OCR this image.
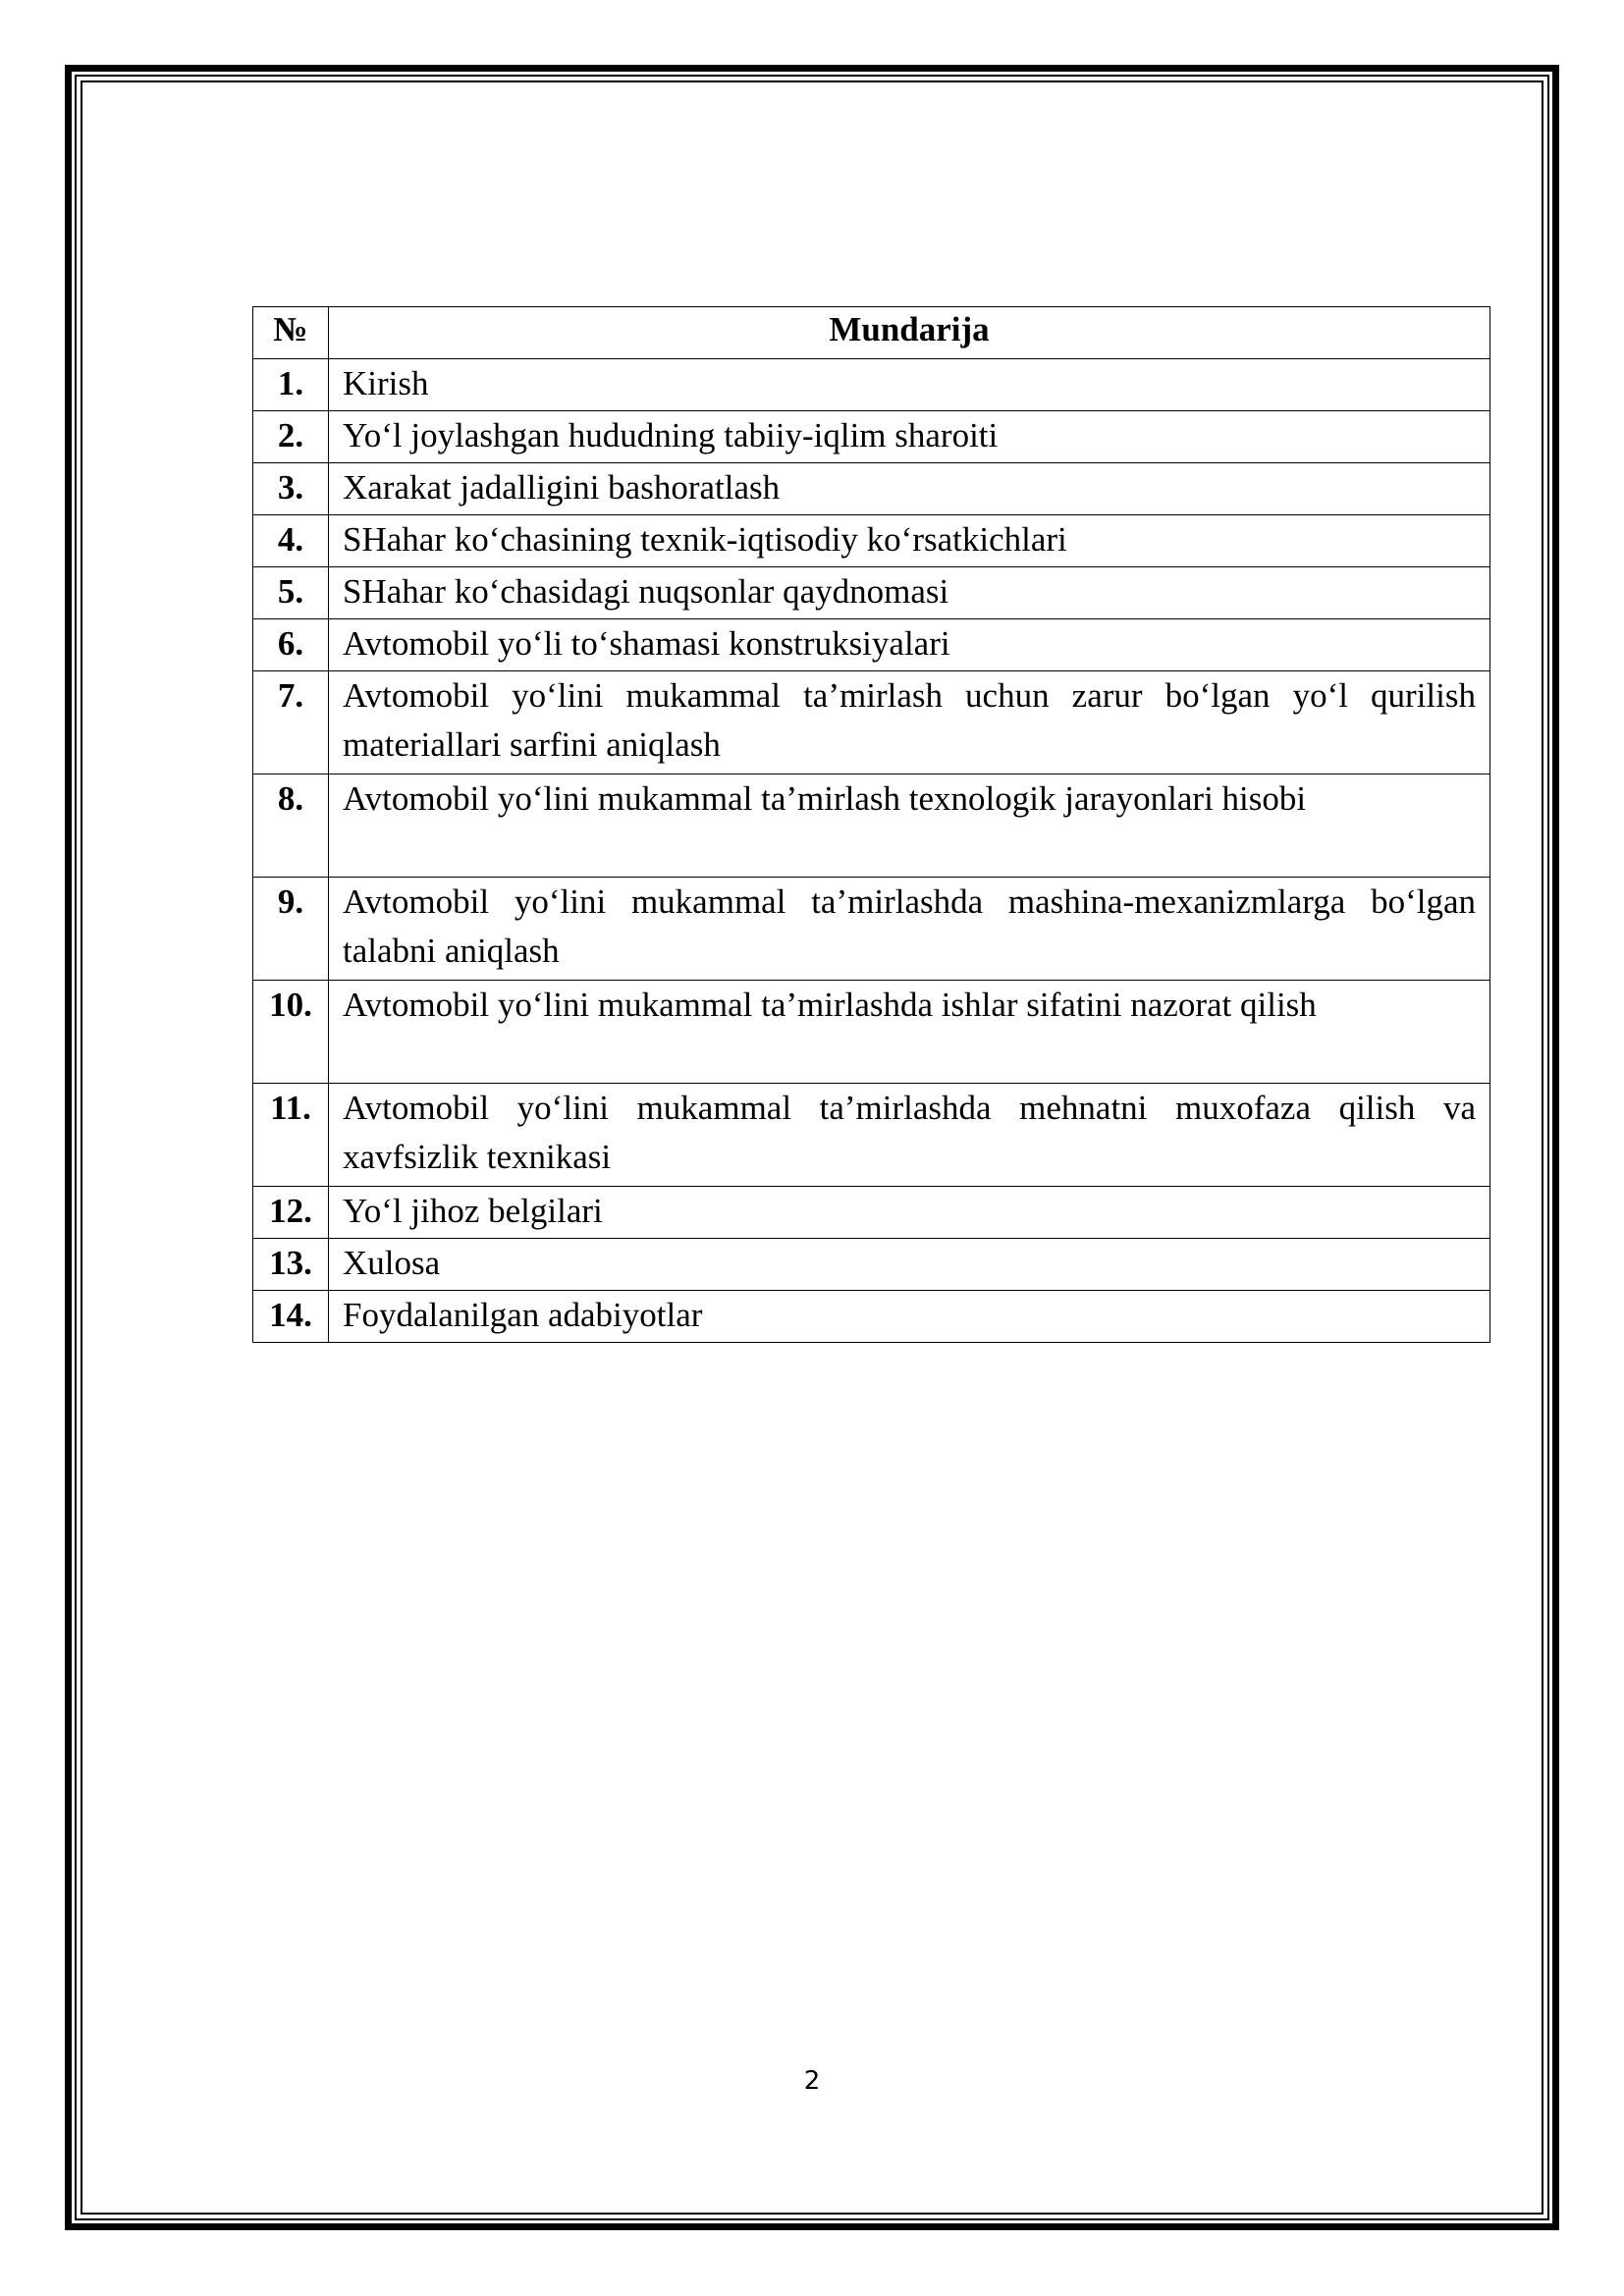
№	Mundarija
1.	Kirish
2.	Yo‘l joylashgan hududning tabiiy-iqlim sharoiti
3.	Xarakat jadalligini bashoratlash
4.	SHahar ko‘chasining texnik-iqtisodiy ko‘rsatkichlari
5.	SHahar ko‘chasidagi nuqsonlar qaydnomasi
6.	Avtomobil yo‘li to‘shamasi konstruksiyalari
7.	Avtomobil yo‘lini mukammal ta’mirlash uchun zarur bo‘lgan yo‘l qurilish materiallari sarfini aniqlash
8.	Avtomobil yo‘lini mukammal ta’mirlash texnologik jarayonlari hisobi
9.	Avtomobil yo‘lini mukammal ta’mirlashda mashina-mexanizmlarga bo‘lgan talabni aniqlash
10.	Avtomobil yo‘lini mukammal ta’mirlashda ishlar sifatini nazorat qilish
11.	Avtomobil yo‘lini mukammal ta’mirlashda mehnatni muxofaza qilish va xavfsizlik texnikasi
12.	Yo‘l jihoz belgilari
13.	Xulosa
14.	Foydalanilgan adabiyotlar
2
